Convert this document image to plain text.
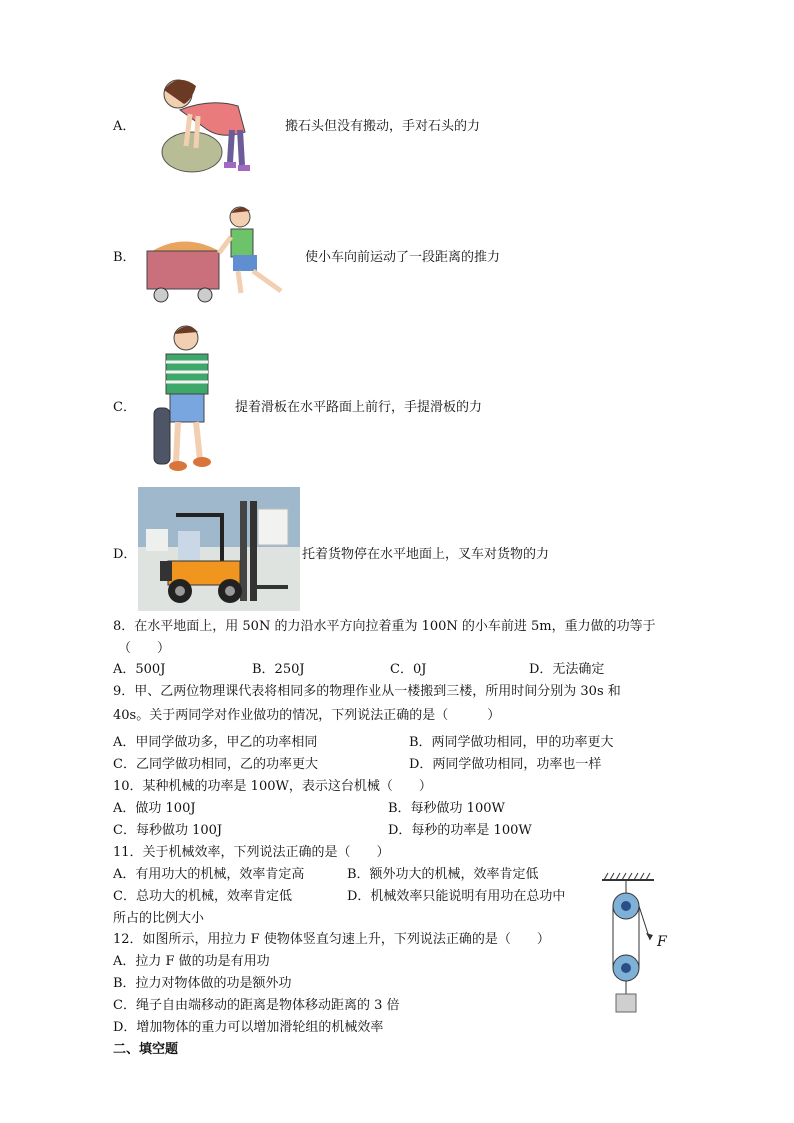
A．	搬石头但没有搬动，手对石头的力
B．	使小车向前运动了一段距离的推力
C．	提着滑板在水平路面上前行，手提滑板的力
D．	托着货物停在水平地面上，叉车对货物的力
8．在水平地面上，用 50N 的力沿水平方向拉着重为 100N 的小车前进 5m，重力做的功等于
（　　）
A．500J	B．250J	C．0J	D．无法确定
9．甲、乙两位物理课代表将相同多的物理作业从一楼搬到三楼，所用时间分别为 30s 和
40s。关于两同学对作业做功的情况，下列说法正确的是（　　　）
A．甲同学做功多，甲乙的功率相同	B．两同学做功相同，甲的功率更大
C．乙同学做功相同，乙的功率更大	D．两同学做功相同，功率也一样
10．某种机械的功率是 100W，表示这台机械（　　）
A．做功 100J	B．每秒做功 100W
C．每秒做功 100J	D．每秒的功率是 100W
11．关于机械效率，下列说法正确的是（　　）
A．有用功大的机械，效率肯定高	B．额外功大的机械，效率肯定低
C．总功大的机械，效率肯定低	D．机械效率只能说明有用功在总功中
所占的比例大小
F
12．如图所示，用拉力 F 使物体竖直匀速上升，下列说法正确的是（　　）
A．拉力 F 做的功是有用功
B．拉力对物体做的功是额外功
C．绳子自由端移动的距离是物体移动距离的 3 倍
D．增加物体的重力可以增加滑轮组的机械效率
二、填空题
